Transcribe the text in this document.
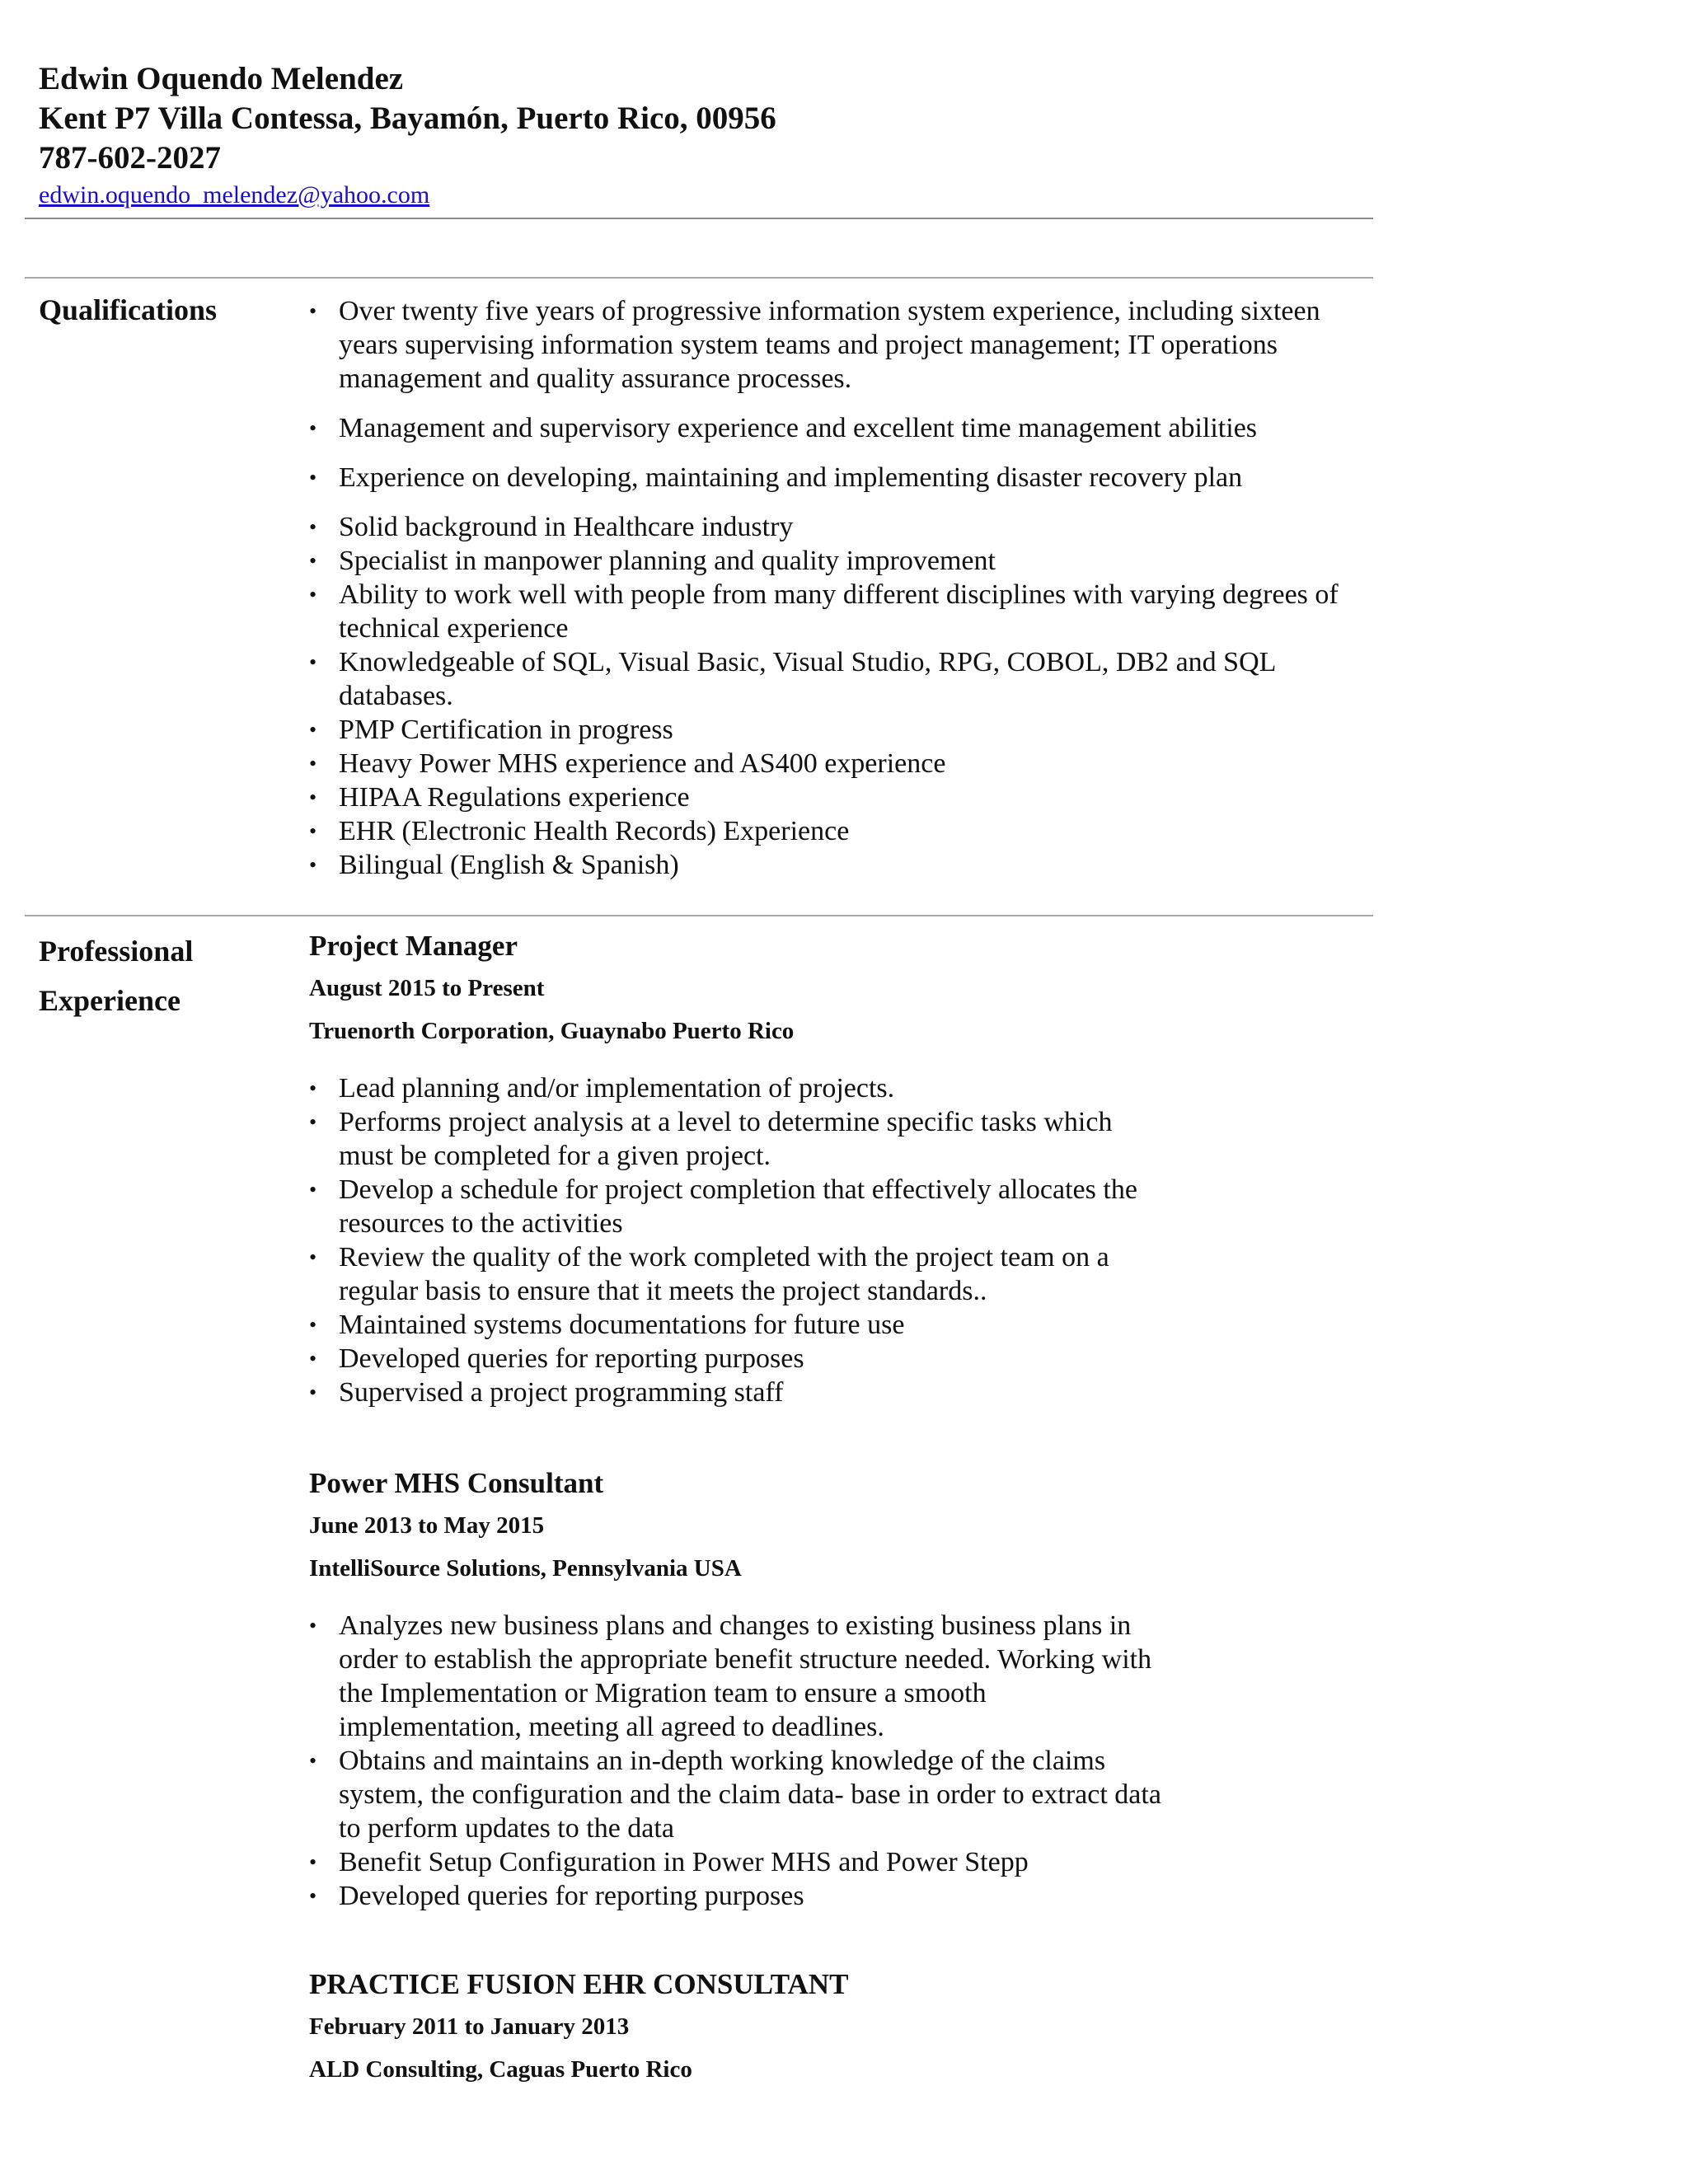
Edwin Oquendo Melendez

Kent P7 Villa Contessa, Bayamón, Puerto Rico, 00956

787-602-2027

edwin.oquendo_melendez@yahoo.com
Qualifications
•	Over twenty five years of progressive information system experience, including sixteen years supervising information system teams and project management; IT operations management and quality assurance processes.
• Management and supervisory experience and excellent time management abilities
• Experience on developing, maintaining and implementing disaster recovery plan
• Solid background in Healthcare industry
• Specialist in manpower planning and quality improvement
• Ability to work well with people from many different disciplines with varying degrees of technical experience
• Knowledgeable of SQL, Visual Basic, Visual Studio, RPG, COBOL, DB2 and SQL databases.
• PMP Certification in progress
• Heavy Power MHS experience and AS400 experience
• HIPAA Regulations experience
• EHR (Electronic Health Records) Experience
• Bilingual (English & Spanish)
Professional
Experience

Project Manager

August 2015 to Present

Truenorth Corporation, Guaynabo Puerto Rico

• Lead planning and/or implementation of projects.
• Performs project analysis at a level to determine specific tasks which must be completed for a given project.
• Develop a schedule for project completion that effectively allocates the resources to the activities
• Review the quality of the work completed with the project team on a regular basis to ensure that it meets the project standards..
• Maintained systems documentations for future use
• Developed queries for reporting purposes
• Supervised a project programming staff

Power MHS Consultant

June 2013 to May 2015

IntelliSource Solutions, Pennsylvania USA

• Analyzes new business plans and changes to existing business plans in order to establish the appropriate benefit structure needed. Working with the Implementation or Migration team to ensure a smooth implementation, meeting all agreed to deadlines.
• Obtains and maintains an in-depth working knowledge of the claims system, the configuration and the claim data- base in order to extract data to perform updates to the data
• Benefit Setup Configuration in Power MHS and Power Stepp
• Developed queries for reporting purposes

PRACTICE FUSION EHR CONSULTANT

February 2011 to January 2013

ALD Consulting, Caguas Puerto Rico
